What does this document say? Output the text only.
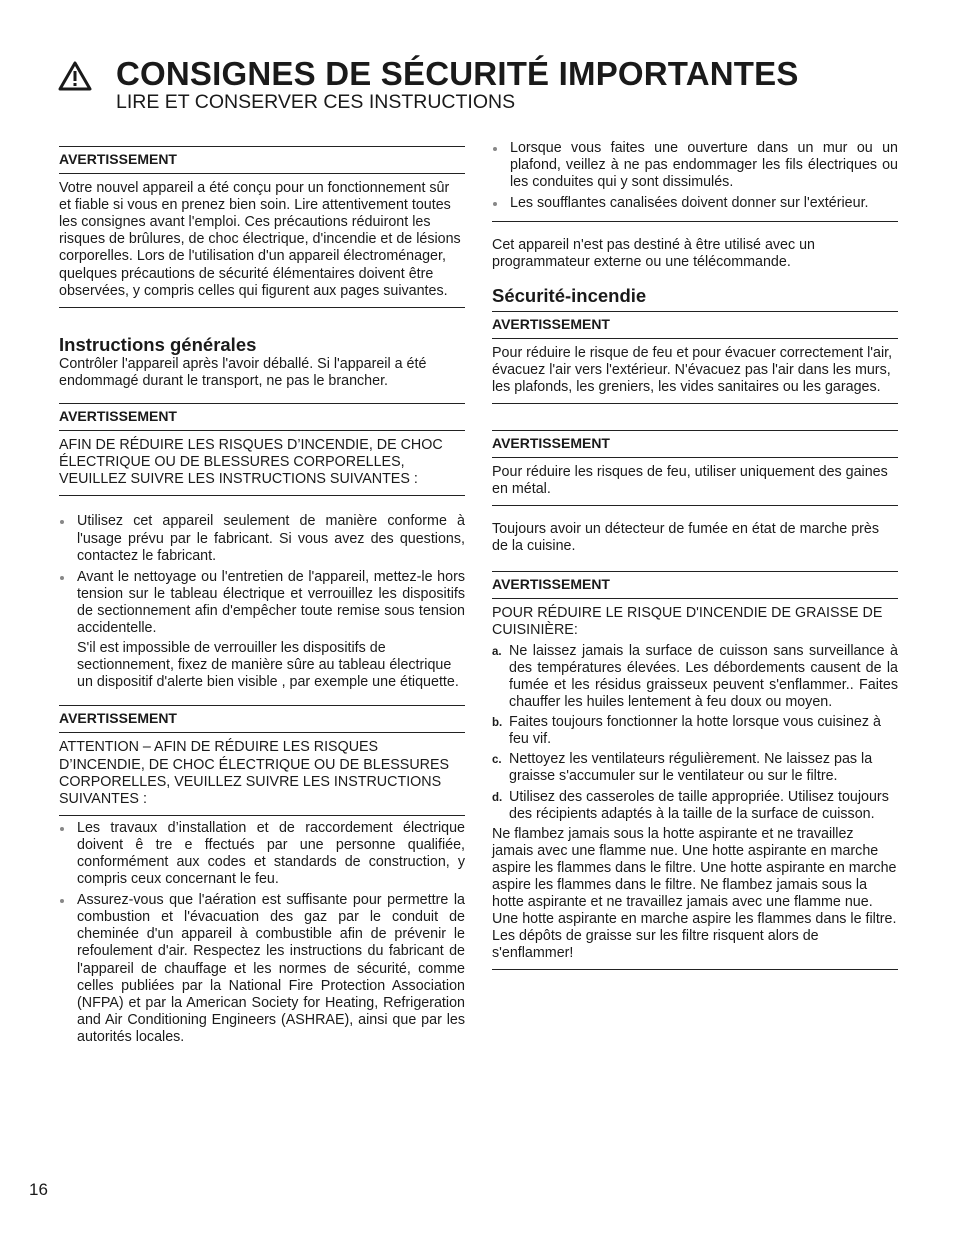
CONSIGNES DE SÉCURITÉ IMPORTANTES
LIRE ET CONSERVER CES INSTRUCTIONS
AVERTISSEMENT

Votre nouvel appareil a été conçu pour un fonctionnement sûr et fiable si vous en prenez bien soin. Lire attentivement toutes les consignes avant l'emploi. Ces précautions réduiront les risques de brûlures, de choc électrique, d'incendie et de lésions corporelles. Lors de l'utilisation d'un appareil électroménager, quelques précautions de sécurité élémentaires doivent être observées, y compris celles qui figurent aux pages suivantes.

Instructions générales

Contrôler l'appareil après l'avoir déballé. Si l'appareil a été endommagé durant le transport, ne pas le brancher.

AVERTISSEMENT

AFIN DE RÉDUIRE LES RISQUES D’INCENDIE, DE CHOC ÉLECTRIQUE OU DE BLESSURES CORPORELLES, VEUILLEZ SUIVRE LES INSTRUCTIONS SUIVANTES :

Utilisez cet appareil seulement de manière conforme à l'usage prévu par le fabricant. Si vous avez des questions, contactez le fabricant.
Avant le nettoyage ou l'entretien de l'appareil, mettez-le hors tension sur le tableau électrique et verrouillez les dispositifs de sectionnement afin d'empêcher toute remise sous tension accidentelle.

S'il est impossible de verrouiller les dispositifs de sectionnement, fixez de manière sûre au tableau électrique un dispositif d'alerte bien visible , par exemple une étiquette.

AVERTISSEMENT

ATTENTION – AFIN DE RÉDUIRE LES RISQUES D’INCENDIE, DE CHOC ÉLECTRIQUE OU DE BLESSURES CORPORELLES, VEUILLEZ SUIVRE LES INSTRUCTIONS SUIVANTES :

Les travaux d’installation et de raccordement électrique doivent ê tre e ffectués par une personne qualifiée, conformément aux codes et standards de construction, y compris ceux concernant le feu.
Assurez-vous que l'aération est suffisante pour permettre la combustion et l'évacuation des gaz par le conduit de cheminée d'un appareil à combustible afin de prévenir le refoulement d'air. Respectez les instructions du fabricant de l'appareil de chauffage et les normes de sécurité, comme celles publiées par la National Fire Protection Association (NFPA) et par la American Society for Heating, Refrigeration and Air Conditioning Engineers (ASHRAE), ainsi que par les autorités locales.
Lorsque vous faites une ouverture dans un mur ou un plafond, veillez à ne pas endommager les fils électriques ou les conduites qui y sont dissimulés.
Les soufflantes canalisées doivent donner sur l'extérieur.

Cet appareil n'est pas destiné à être utilisé avec un programmateur externe ou une télécommande.

Sécurité-incendie
AVERTISSEMENT

Pour réduire le risque de feu et pour évacuer correctement l'air, évacuez l'air vers l'extérieur. N'évacuez pas l'air dans les murs, les plafonds, les greniers, les vides sanitaires ou les garages.

AVERTISSEMENT

Pour réduire les risques de feu, utiliser uniquement des gaines en métal.

Toujours avoir un détecteur de fumée en état de marche près de la cuisine.

AVERTISSEMENT

POUR RÉDUIRE LE RISQUE D'INCENDIE DE GRAISSE DE CUISINIÈRE:

a. Ne laissez jamais la surface de cuisson sans surveillance à des températures élevées. Les débordements causent de la fumée et les résidus graisseux peuvent s'enflammer.. Faites chauffer les huiles lentement à feu doux ou moyen.
b. Faites toujours fonctionner la hotte lorsque vous cuisinez à feu vif.
c. Nettoyez les ventilateurs régulièrement. Ne laissez pas la graisse s'accumuler sur le ventilateur ou sur le filtre.
d. Utilisez des casseroles de taille appropriée. Utilisez toujours des récipients adaptés à la taille de la surface de cuisson.

Ne flambez jamais sous la hotte aspirante et ne travaillez jamais avec une flamme nue. Une hotte aspirante en marche aspire les flammes dans le filtre. Une hotte aspirante en marche aspire les flammes dans le filtre. Ne flambez jamais sous la hotte aspirante et ne travaillez jamais avec une flamme nue. Une hotte aspirante en marche aspire les flammes dans le filtre. Les dépôts de graisse sur les filtre risquent alors de s'enflammer!

16
